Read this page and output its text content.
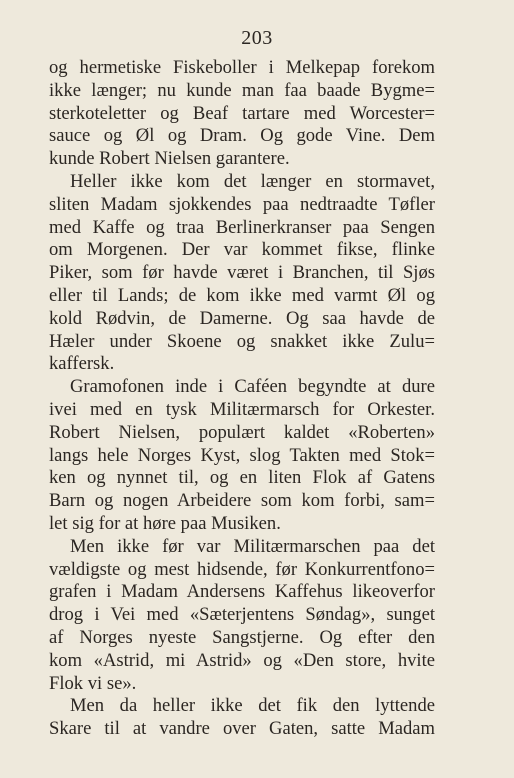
203
og hermetiske Fiskeboller i Melkepap forekom
ikke længer; nu kunde man faa baade Bygme=
sterkoteletter og Beaf tartare med Worcester=
sauce og Øl og Dram. Og gode Vine. Dem
kunde Robert Nielsen garantere.
Heller ikke kom det længer en stormavet,
sliten Madam sjokkendes paa nedtraadte Tøfler
med Kaffe og traa Berlinerkranser paa Sengen
om Morgenen. Der var kommet fikse, flinke
Piker, som før havde været i Branchen, til Sjøs
eller til Lands; de kom ikke med varmt Øl og
kold Rødvin, de Damerne. Og saa havde de
Hæler under Skoene og snakket ikke Zulu=
kaffersk.
Gramofonen inde i Caféen begyndte at dure
ivei med en tysk Militærmarsch for Orkester.
Robert Nielsen, populært kaldet «Roberten»
langs hele Norges Kyst, slog Takten med Stok=
ken og nynnet til, og en liten Flok af Gatens
Barn og nogen Arbeidere som kom forbi, sam=
let sig for at høre paa Musiken.
Men ikke før var Militærmarschen paa det
vældigste og mest hidsende, før Konkurrentfono=
grafen i Madam Andersens Kaffehus likeoverfor
drog i Vei med «Sæterjentens Søndag», sunget
af Norges nyeste Sangstjerne. Og efter den
kom «Astrid, mi Astrid» og «Den store, hvite
Flok vi se».
Men da heller ikke det fik den lyttende
Skare til at vandre over Gaten, satte Madam
